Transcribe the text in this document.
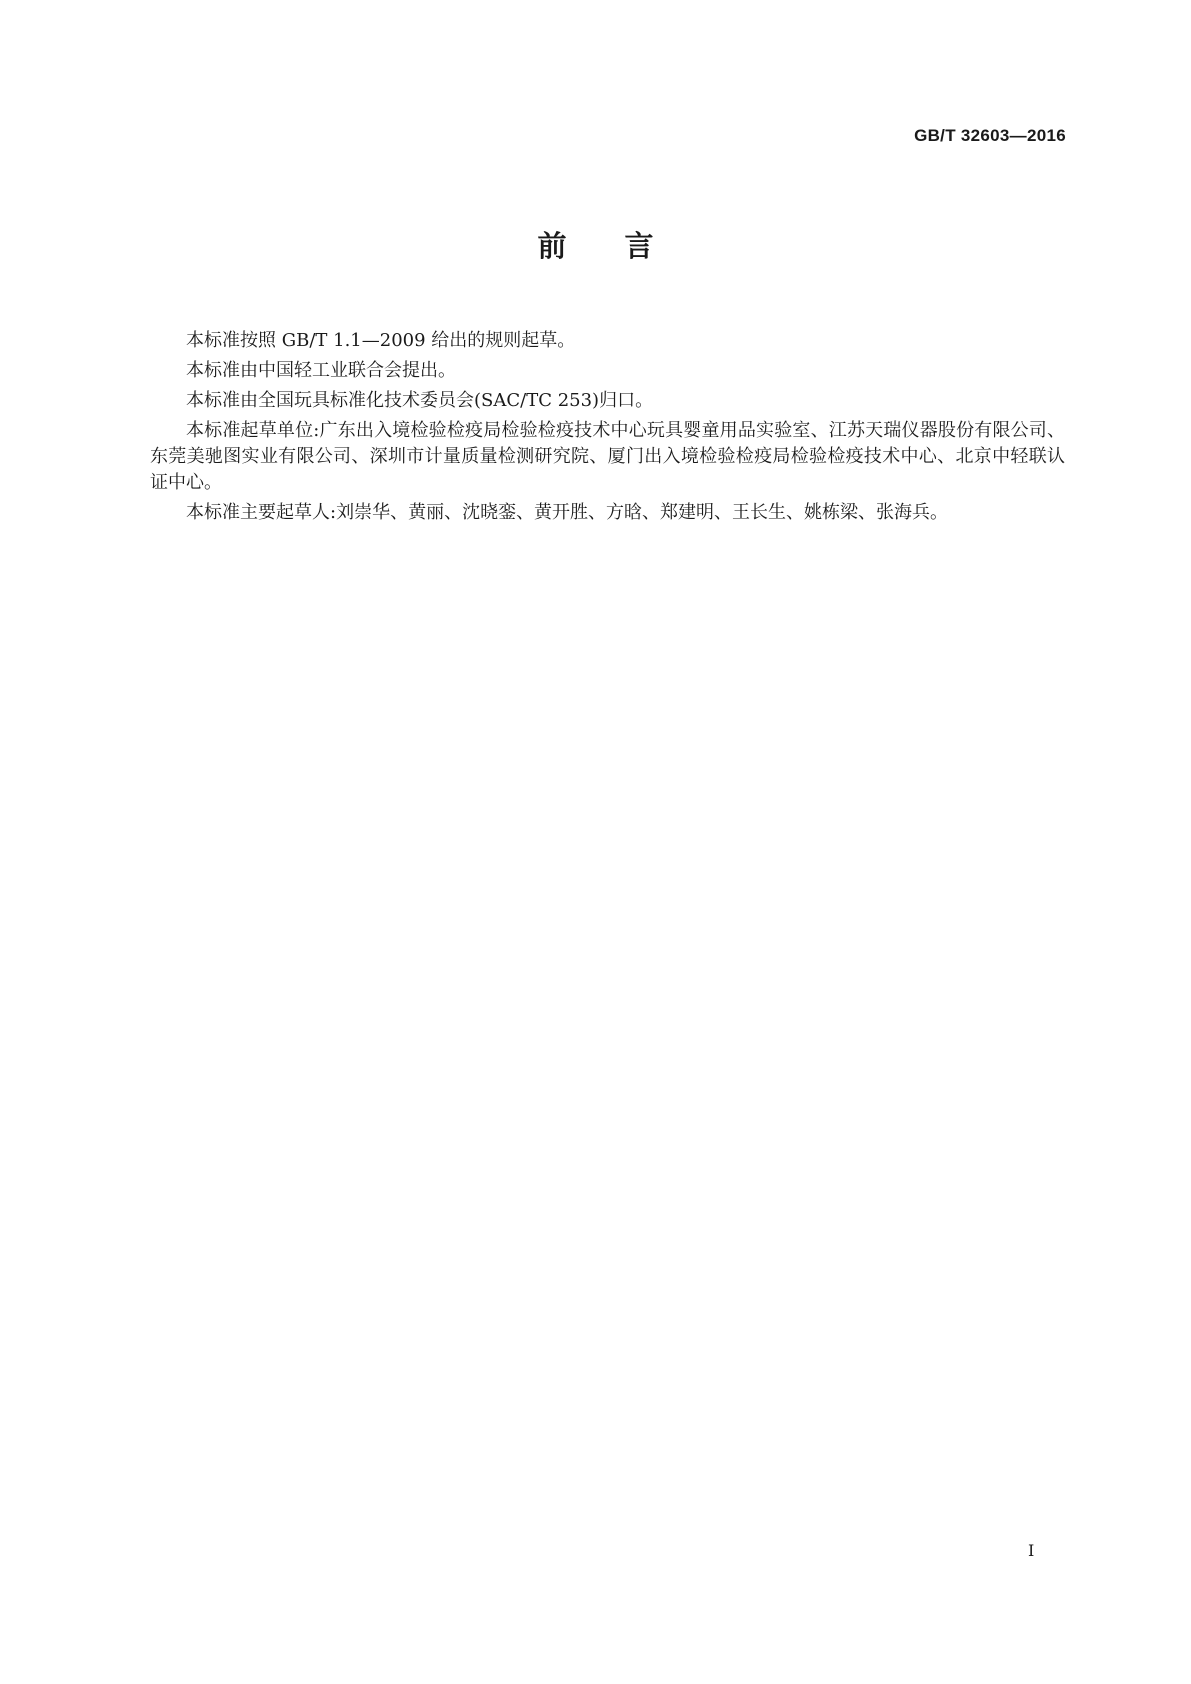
GB/T 32603—2016
前 言

本标准按照 GB/T 1.1—2009 给出的规则起草。

本标准由中国轻工业联合会提出。

本标准由全国玩具标准化技术委员会(SAC/TC 253)归口。

本标准起草单位:广东出入境检验检疫局检验检疫技术中心玩具婴童用品实验室、江苏天瑞仪器股份有限公司、东莞美驰图实业有限公司、深圳市计量质量检测研究院、厦门出入境检验检疫局检验检疫技术中心、北京中轻联认证中心。

本标准主要起草人:刘崇华、黄丽、沈晓銮、黄开胜、方晗、郑建明、王长生、姚栋梁、张海兵。

I
